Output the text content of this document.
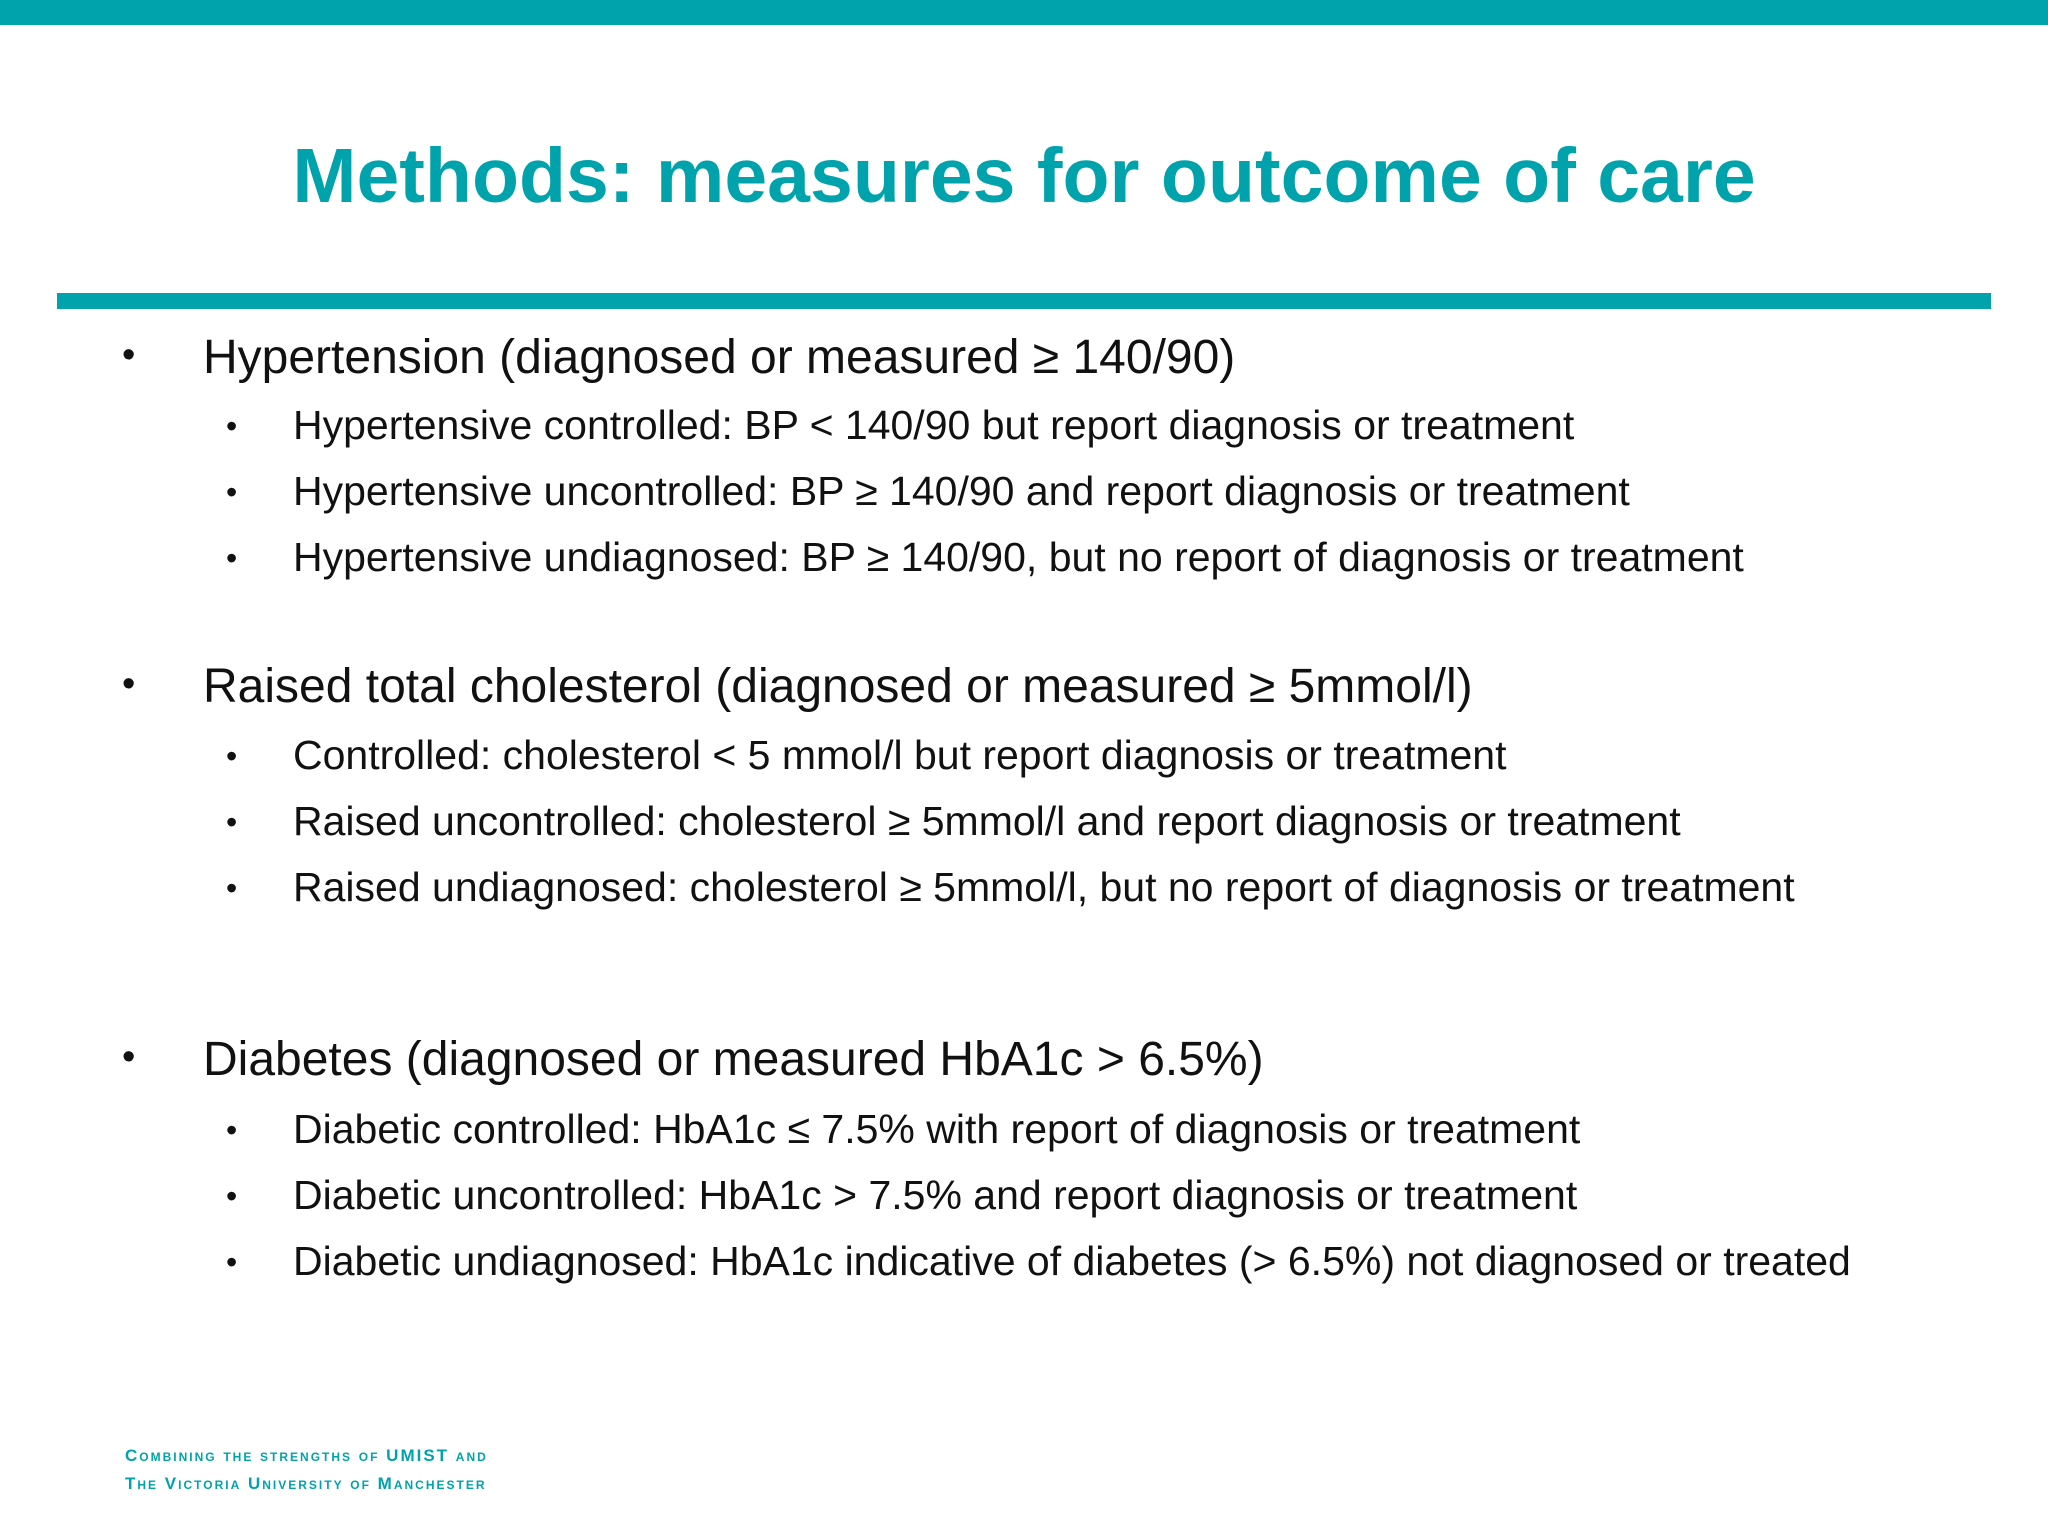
Methods: measures for outcome of care
• Hypertension (diagnosed or measured ≥ 140/90)
• Hypertensive controlled: BP < 140/90 but report diagnosis or treatment
• Hypertensive uncontrolled: BP ≥ 140/90 and report diagnosis or treatment
• Hypertensive undiagnosed: BP ≥ 140/90, but no report of diagnosis or treatment
• Raised total cholesterol (diagnosed or measured ≥ 5mmol/l)
• Controlled: cholesterol < 5 mmol/l but report diagnosis or treatment
• Raised uncontrolled: cholesterol ≥ 5mmol/l and report diagnosis or treatment
• Raised undiagnosed: cholesterol ≥ 5mmol/l, but no report of diagnosis or treatment
• Diabetes (diagnosed or measured HbA1c > 6.5%)
• Diabetic controlled: HbA1c ≤ 7.5% with report of diagnosis or treatment
• Diabetic uncontrolled: HbA1c > 7.5% and report diagnosis or treatment
• Diabetic undiagnosed: HbA1c indicative of diabetes (> 6.5%) not diagnosed or treated
Combining the strengths of UMIST and
The Victoria University of Manchester
